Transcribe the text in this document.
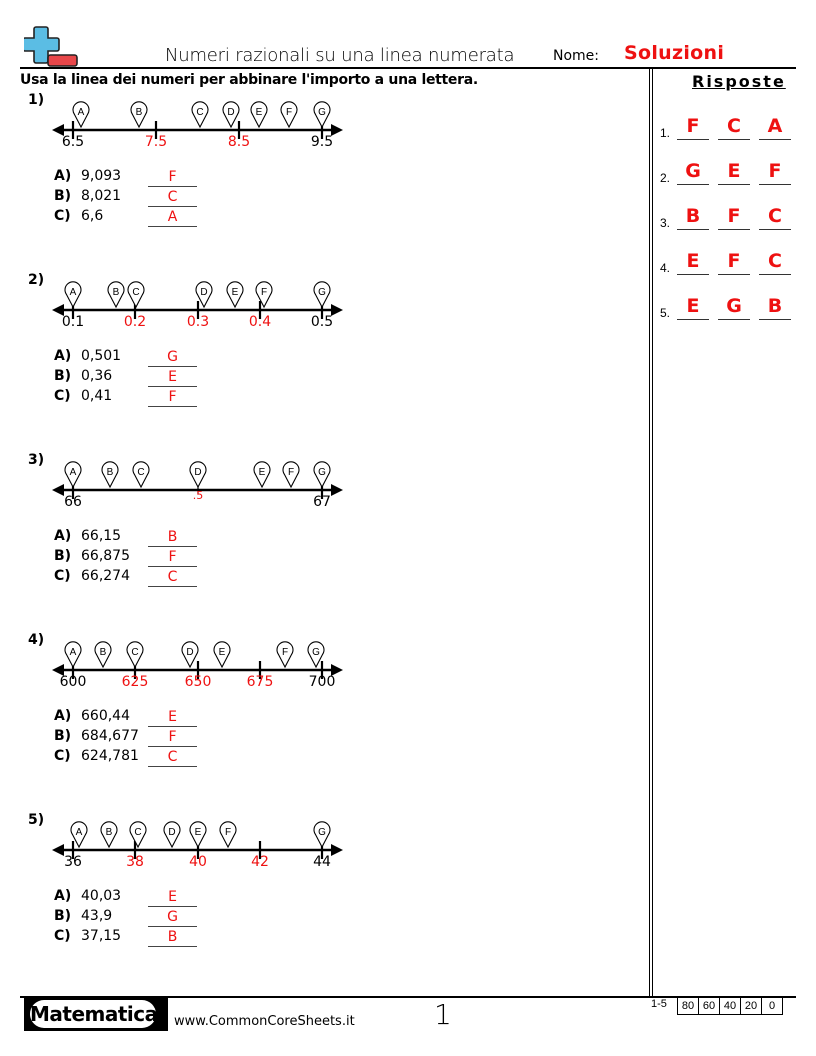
Numeri razionali su una linea numerata	Nome: Soluzioni
Usa la linea dei numeri per abbinare l'importo a una lettera.	Risposte
1. F	C	A
2. G	E	F
3. B	F	C
4. E	F	C
5. E	G	B
1)
A	B	C D E F	G
6.5	7.5	8.5	9.5
A) 9,093	F
B) 8,021	C
C) 6,6	A
2)
A	B C	D E F	G
0.1	0.2	0.3	0.4	0.5
A) 0,501	G
B) 0,36	E
C) 0,41	F
3)
A	B C	D	E F G
66	.5	67
A) 66,15	B
B) 66,875	F
C) 66,274	C
4)
A B	C	D	E	F G
600	625	650	675	700
A) 660,44	E
B) 684,677	F
C) 624,781	C
5)
A B C	D E F	G
36	38	40	42	44
A) 40,03	E
B) 43,9	G
C) 37,15	B
Matematica www.CommonCoreSheets.it	1	1-5	80 60 40 20	0
